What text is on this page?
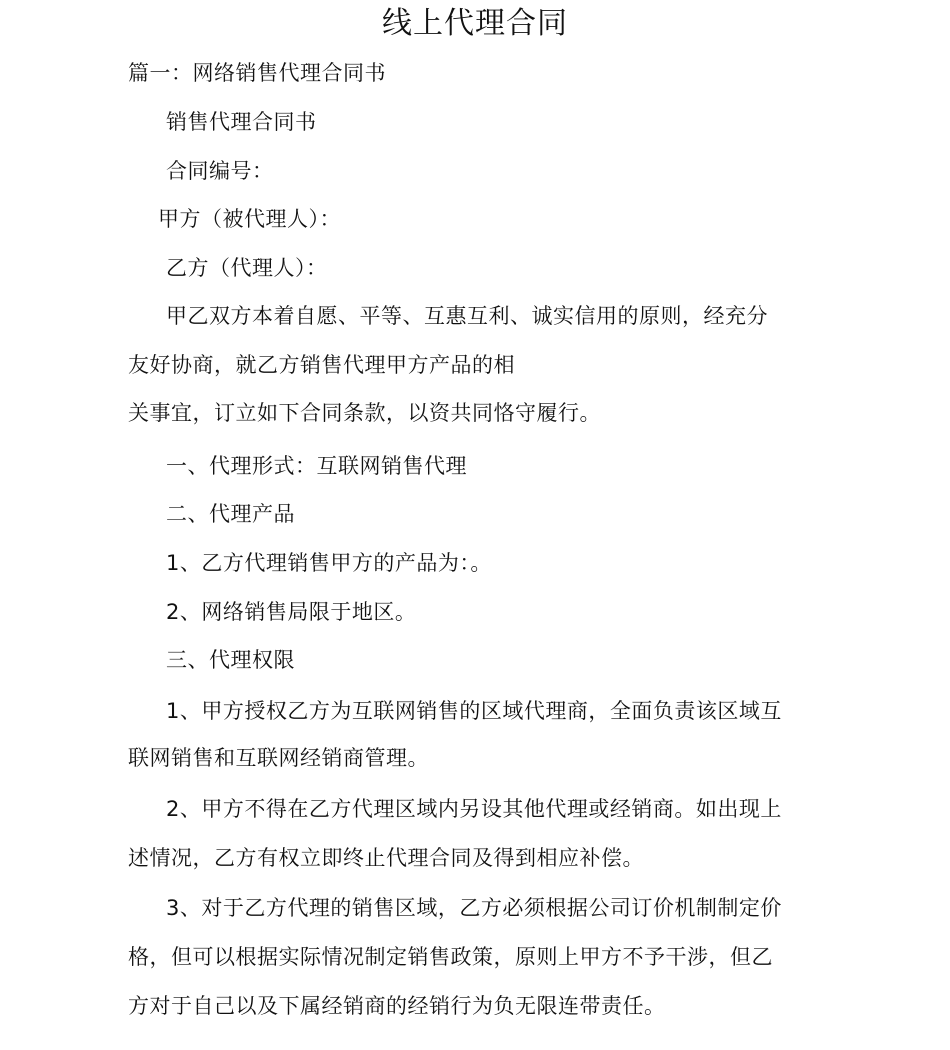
线上代理合同
篇一：网络销售代理合同书
销售代理合同书
合同编号：
甲方（被代理人）：
乙方（代理人）：
甲乙双方本着自愿、平等、互惠互利、诚实信用的原则，经充分
友好协商，就乙方销售代理甲方产品的相
关事宜，订立如下合同条款，以资共同恪守履行。
一、代理形式：互联网销售代理
二、代理产品
1、乙方代理销售甲方的产品为：。
2、网络销售局限于地区。
三、代理权限
1、甲方授权乙方为互联网销售的区域代理商，全面负责该区域互
联网销售和互联网经销商管理。
2、甲方不得在乙方代理区域内另设其他代理或经销商。如出现上
述情况，乙方有权立即终止代理合同及得到相应补偿。
3、对于乙方代理的销售区域，乙方必须根据公司订价机制制定价
格，但可以根据实际情况制定销售政策，原则上甲方不予干涉，但乙
方对于自己以及下属经销商的经销行为负无限连带责任。
